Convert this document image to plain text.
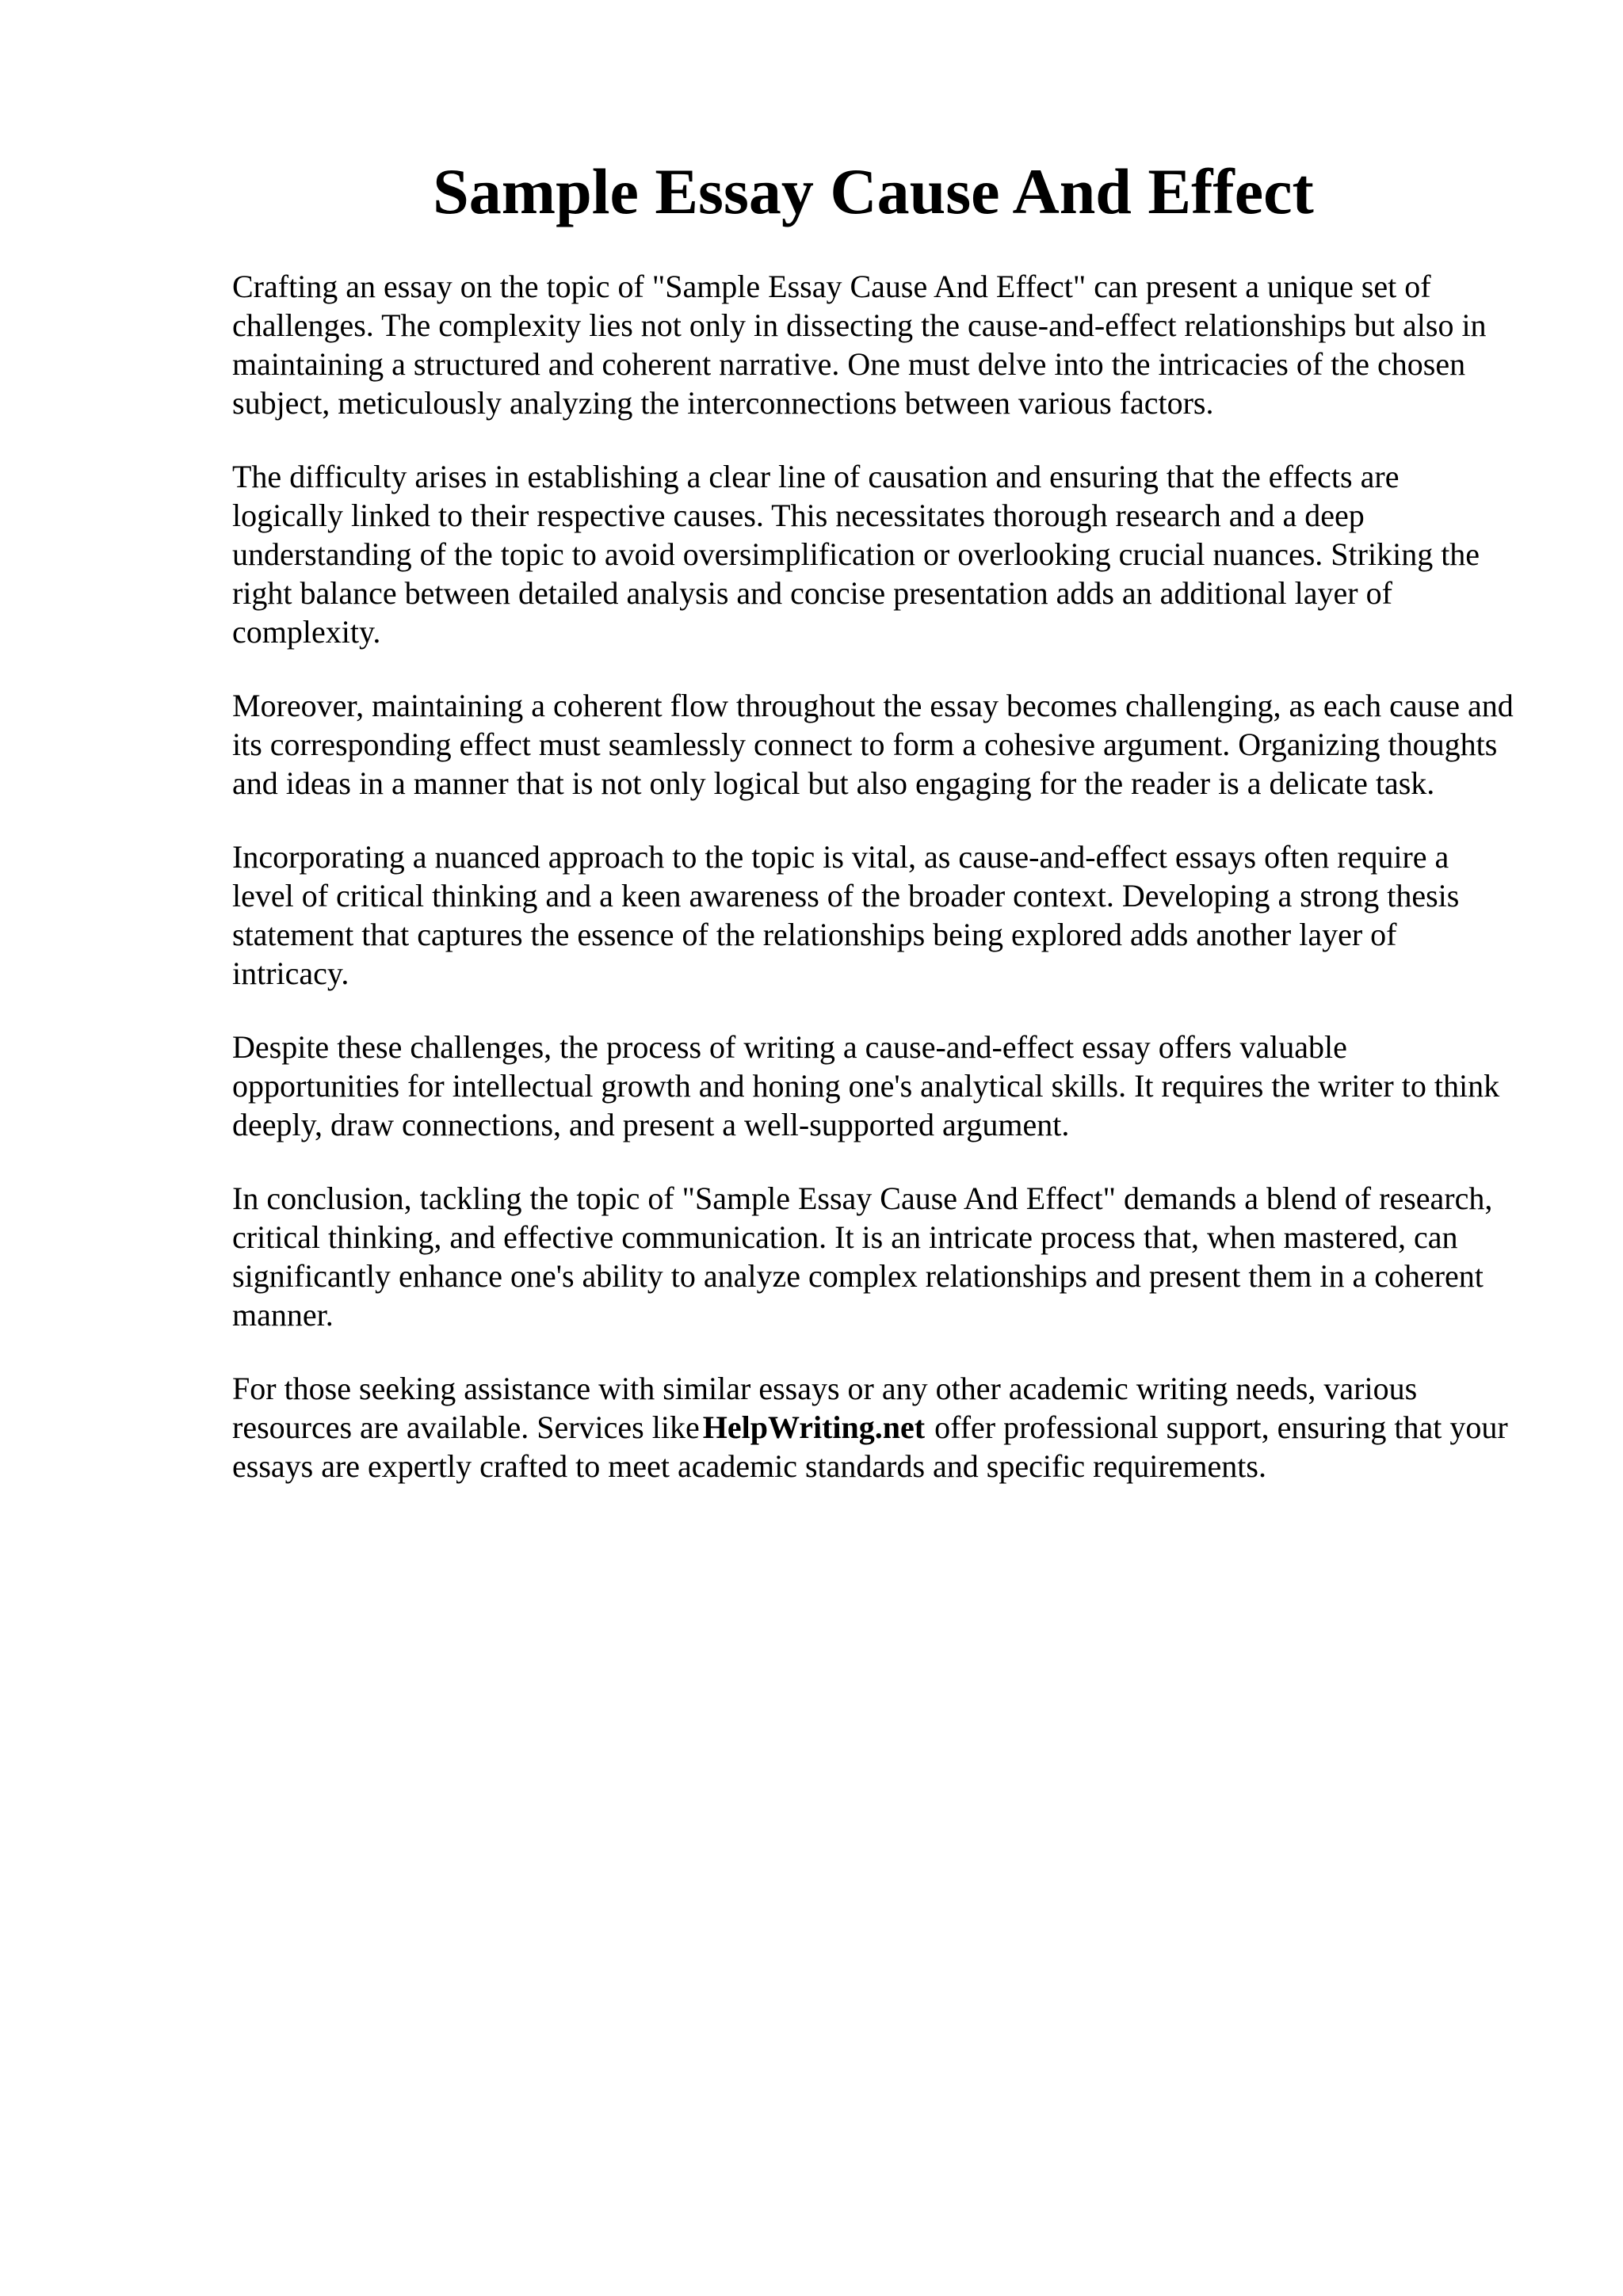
Sample Essay Cause And Effect

Crafting an essay on the topic of "Sample Essay Cause And Effect" can present a unique set of challenges. The complexity lies not only in dissecting the cause-and-effect relationships but also in maintaining a structured and coherent narrative. One must delve into the intricacies of the chosen subject, meticulously analyzing the interconnections between various factors.

The difficulty arises in establishing a clear line of causation and ensuring that the effects are logically linked to their respective causes. This necessitates thorough research and a deep understanding of the topic to avoid oversimplification or overlooking crucial nuances. Striking the right balance between detailed analysis and concise presentation adds an additional layer of complexity.

Moreover, maintaining a coherent flow throughout the essay becomes challenging, as each cause and its corresponding effect must seamlessly connect to form a cohesive argument. Organizing thoughts and ideas in a manner that is not only logical but also engaging for the reader is a delicate task.

Incorporating a nuanced approach to the topic is vital, as cause-and-effect essays often require a level of critical thinking and a keen awareness of the broader context. Developing a strong thesis statement that captures the essence of the relationships being explored adds another layer of intricacy.

Despite these challenges, the process of writing a cause-and-effect essay offers valuable opportunities for intellectual growth and honing one's analytical skills. It requires the writer to think deeply, draw connections, and present a well-supported argument.

In conclusion, tackling the topic of "Sample Essay Cause And Effect" demands a blend of research, critical thinking, and effective communication. It is an intricate process that, when mastered, can significantly enhance one's ability to analyze complex relationships and present them in a coherent manner.

For those seeking assistance with similar essays or any other academic writing needs, various resources are available. Services like HelpWriting.net offer professional support, ensuring that your essays are expertly crafted to meet academic standards and specific requirements.
